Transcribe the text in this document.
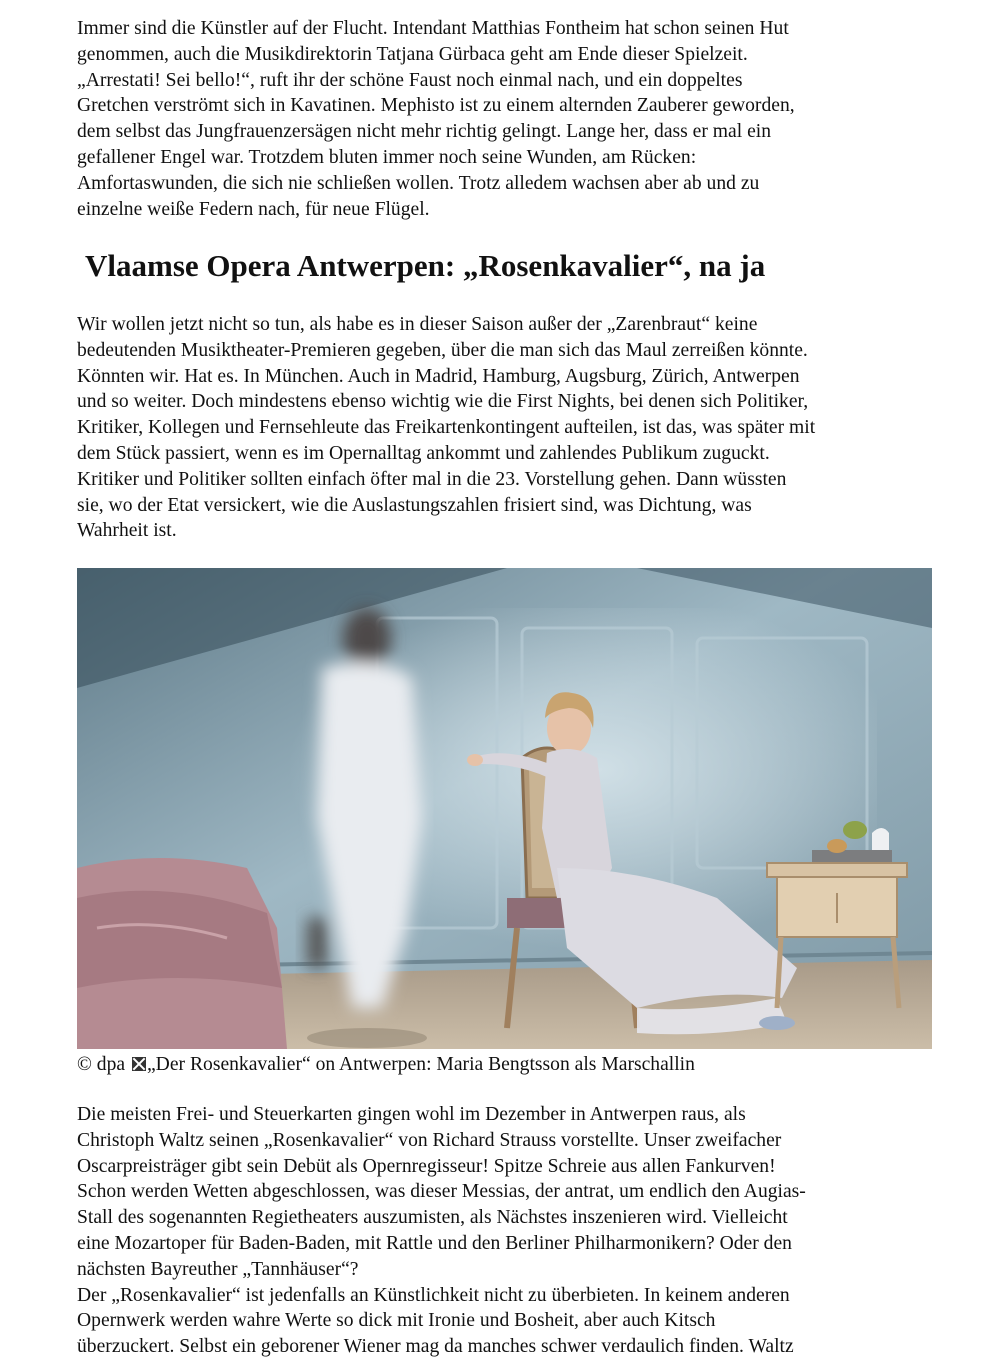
Immer sind die Künstler auf der Flucht. Intendant Matthias Fontheim hat schon seinen Hut
genommen, auch die Musikdirektorin Tatjana Gürbaca geht am Ende dieser Spielzeit.
„Arrestati! Sei bello!“, ruft ihr der schöne Faust noch einmal nach, und ein doppeltes
Gretchen verströmt sich in Kavatinen. Mephisto ist zu einem alternden Zauberer geworden,
dem selbst das Jungfrauenzersägen nicht mehr richtig gelingt. Lange her, dass er mal ein
gefallener Engel war. Trotzdem bluten immer noch seine Wunden, am Rücken:
Amfortaswunden, die sich nie schließen wollen. Trotz alledem wachsen aber ab und zu
einzelne weiße Federn nach, für neue Flügel.

Vlaamse Opera Antwerpen: „Rosenkavalier“, na ja

Wir wollen jetzt nicht so tun, als habe es in dieser Saison außer der „Zarenbraut“ keine
bedeutenden Musiktheater-Premieren gegeben, über die man sich das Maul zerreißen könnte.
Könnten wir. Hat es. In München. Auch in Madrid, Hamburg, Augsburg, Zürich, Antwerpen
und so weiter. Doch mindestens ebenso wichtig wie die First Nights, bei denen sich Politiker,
Kritiker, Kollegen und Fernsehleute das Freikartenkontingent aufteilen, ist das, was später mit
dem Stück passiert, wenn es im Opernalltag ankommt und zahlendes Publikum zuguckt.
Kritiker und Politiker sollten einfach öfter mal in die 23. Vorstellung gehen. Dann wüssten
sie, wo der Etat versickert, wie die Auslastungszahlen frisiert sind, was Dichtung, was
Wahrheit ist.

© dpa „Der Rosenkavalier“ on Antwerpen: Maria Bengtsson als Marschallin

Die meisten Frei- und Steuerkarten gingen wohl im Dezember in Antwerpen raus, als
Christoph Waltz seinen „Rosenkavalier“ von Richard Strauss vorstellte. Unser zweifacher
Oscarpreisträger gibt sein Debüt als Opernregisseur! Spitze Schreie aus allen Fankurven!
Schon werden Wetten abgeschlossen, was dieser Messias, der antrat, um endlich den Augias-
Stall des sogenannten Regietheaters auszumisten, als Nächstes inszenieren wird. Vielleicht
eine Mozartoper für Baden-Baden, mit Rattle und den Berliner Philharmonikern? Oder den
nächsten Bayreuther „Tannhäuser“?
Der „Rosenkavalier“ ist jedenfalls an Künstlichkeit nicht zu überbieten. In keinem anderen
Opernwerk werden wahre Werte so dick mit Ironie und Bosheit, aber auch Kitsch
überzuckert. Selbst ein geborener Wiener mag da manches schwer verdaulich finden. Waltz
